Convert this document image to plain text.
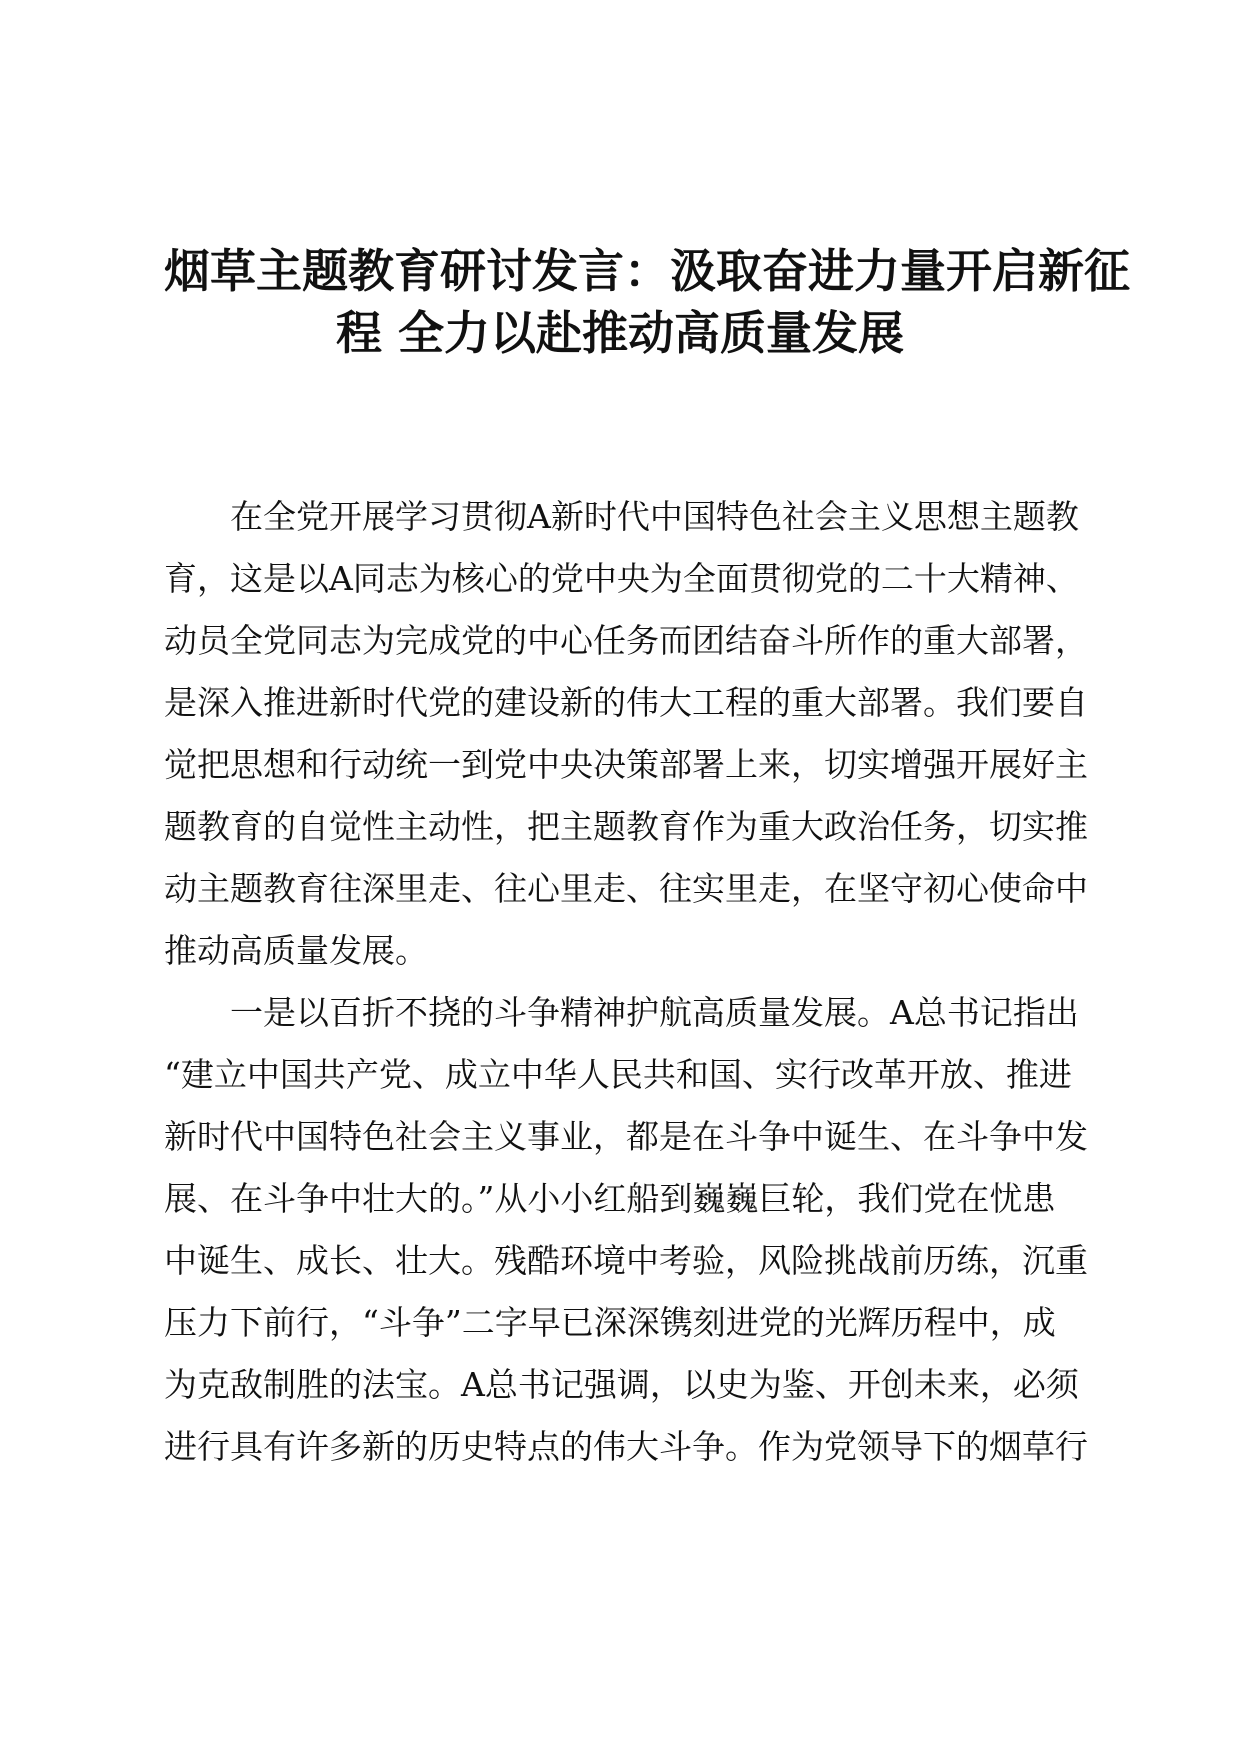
烟草主题教育研讨发言：汲取奋进力量开启新征
程 全力以赴推动高质量发展
在全党开展学习贯彻A新时代中国特色社会主义思想主题教
育，这是以A同志为核心的党中央为全面贯彻党的二十大精神、
动员全党同志为完成党的中心任务而团结奋斗所作的重大部署，
是深入推进新时代党的建设新的伟大工程的重大部署。我们要自
觉把思想和行动统一到党中央决策部署上来，切实增强开展好主
题教育的自觉性主动性，把主题教育作为重大政治任务，切实推
动主题教育往深里走、往心里走、往实里走，在坚守初心使命中
推动高质量发展。
一是以百折不挠的斗争精神护航高质量发展。A总书记指出
“建立中国共产党、成立中华人民共和国、实行改革开放、推进
新时代中国特色社会主义事业，都是在斗争中诞生、在斗争中发
展、在斗争中壮大的。”从小小红船到巍巍巨轮，我们党在忧患
中诞生、成长、壮大。残酷环境中考验，风险挑战前历练，沉重
压力下前行，“斗争”二字早已深深镌刻进党的光辉历程中，成
为克敌制胜的法宝。A总书记强调，以史为鉴、开创未来，必须
进行具有许多新的历史特点的伟大斗争。作为党领导下的烟草行
